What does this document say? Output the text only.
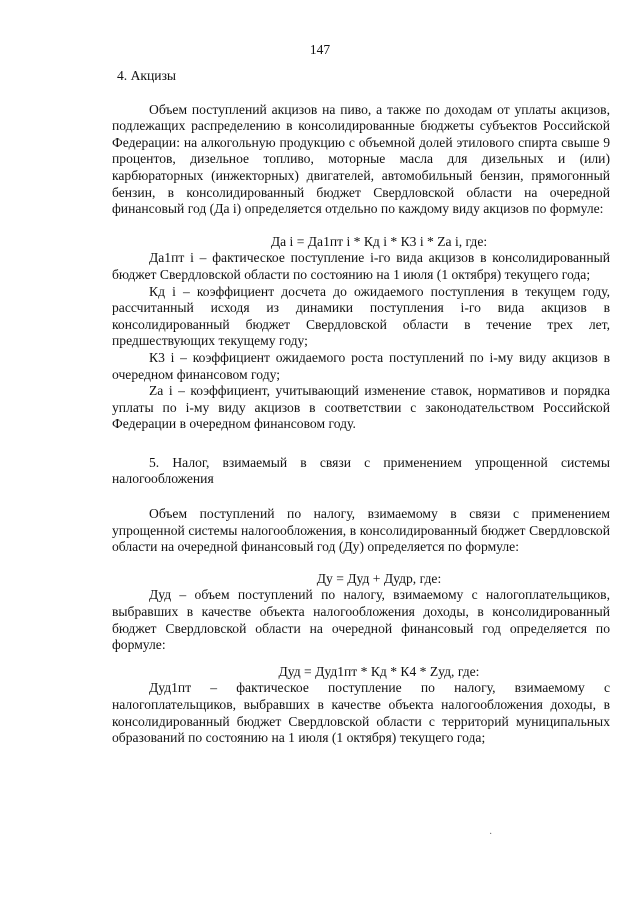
147

4. Акцизы

Объем поступлений акцизов на пиво, а также по доходам от уплаты акцизов, подлежащих распределению в консолидированные бюджеты субъектов Российской Федерации: на алкогольную продукцию с объемной долей этилового спирта свыше 9 процентов, дизельное топливо, моторные масла для дизельных и (или) карбюраторных (инжекторных) двигателей, автомобильный бензин, прямогонный бензин, в консолидированный бюджет Свердловской области на очередной финансовый год (Да i) определяется отдельно по каждому виду акцизов по формуле:

Да i = Да1пт i * Кд i * К3 i * Za i, где:

Да1пт i – фактическое поступление i-го вида акцизов в консолидированный бюджет Свердловской области по состоянию на 1 июля (1 октября) текущего года;

Кд i – коэффициент досчета до ожидаемого поступления в текущем году, рассчитанный исходя из динамики поступления i-го вида акцизов в консолидированный бюджет Свердловской области в течение трех лет, предшествующих текущему году;

К3 i – коэффициент ожидаемого роста поступлений по i-му виду акцизов в очередном финансовом году;

Za i – коэффициент, учитывающий изменение ставок, нормативов и порядка уплаты по i-му виду акцизов в соответствии с законодательством Российской Федерации в очередном финансовом году.

5. Налог, взимаемый в связи с применением упрощенной системы налогообложения

Объем поступлений по налогу, взимаемому в связи с применением упрощенной системы налогообложения, в консолидированный бюджет Свердловской области на очередной финансовый год (Ду) определяется по формуле:

Ду = Дуд + Дудр, где:

Дуд – объем поступлений по налогу, взимаемому с налогоплательщиков, выбравших в качестве объекта налогообложения доходы, в консолидированный бюджет Свердловской области на очередной финансовый год определяется по формуле:

Дуд = Дуд1пт * Кд * К4 * Zуд, где:

Дуд1пт – фактическое поступление по налогу, взимаемому с налогоплательщиков, выбравших в качестве объекта налогообложения доходы, в консолидированный бюджет Свердловской области с территорий муниципальных образований по состоянию на 1 июля (1 октября) текущего года;

·
